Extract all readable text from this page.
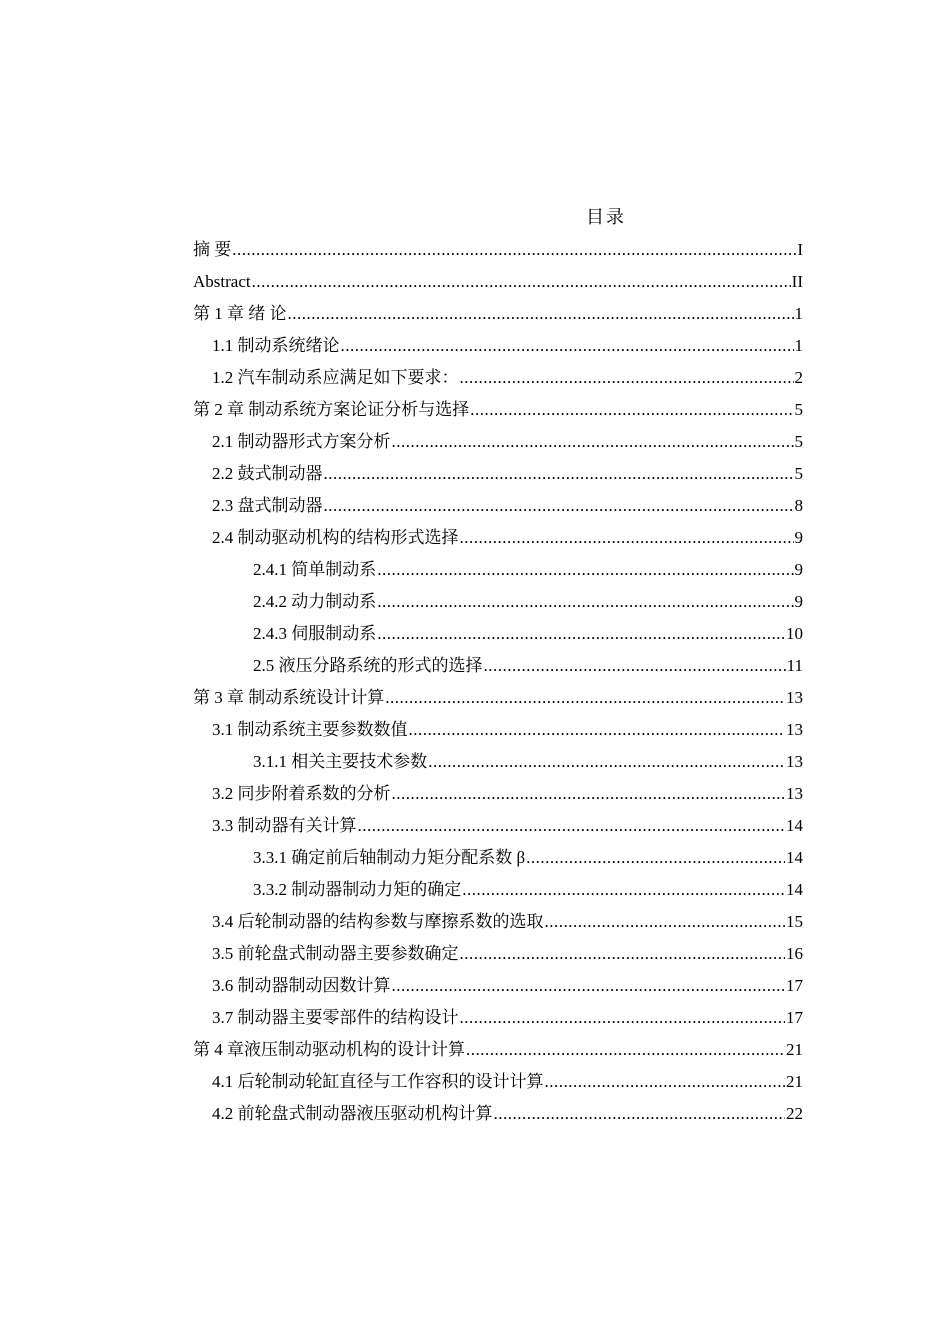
目录
摘 要 .....	I
Abstract .....	II
第 1 章 绪 论 .....	1
1.1 制动系统绪论 .....	1
1.2 汽车制动系应满足如下要求： .....	2
第 2 章 制动系统方案论证分析与选择 .....	5
2.1 制动器形式方案分析 .....	5
2.2 鼓式制动器 .....	5
2.3 盘式制动器 .....	8
2.4 制动驱动机构的结构形式选择 .....	9
2.4.1 简单制动系 .....	9
2.4.2 动力制动系 .....	9
2.4.3 伺服制动系 .....	10
2.5 液压分路系统的形式的选择 .....	11
第 3 章 制动系统设计计算 .....	13
3.1 制动系统主要参数数值 .....	13
3.1.1 相关主要技术参数 .....	13
3.2 同步附着系数的分析 .....	13
3.3 制动器有关计算 .....	14
3.3.1 确定前后轴制动力矩分配系数 β .....	14
3.3.2 制动器制动力矩的确定 .....	14
3.4 后轮制动器的结构参数与摩擦系数的选取 .....	15
3.5 前轮盘式制动器主要参数确定 .....	16
3.6 制动器制动因数计算 .....	17
3.7 制动器主要零部件的结构设计 .....	17
第 4 章液压制动驱动机构的设计计算 .....	21
4.1 后轮制动轮缸直径与工作容积的设计计算 .....	21
4.2 前轮盘式制动器液压驱动机构计算 .....	22
